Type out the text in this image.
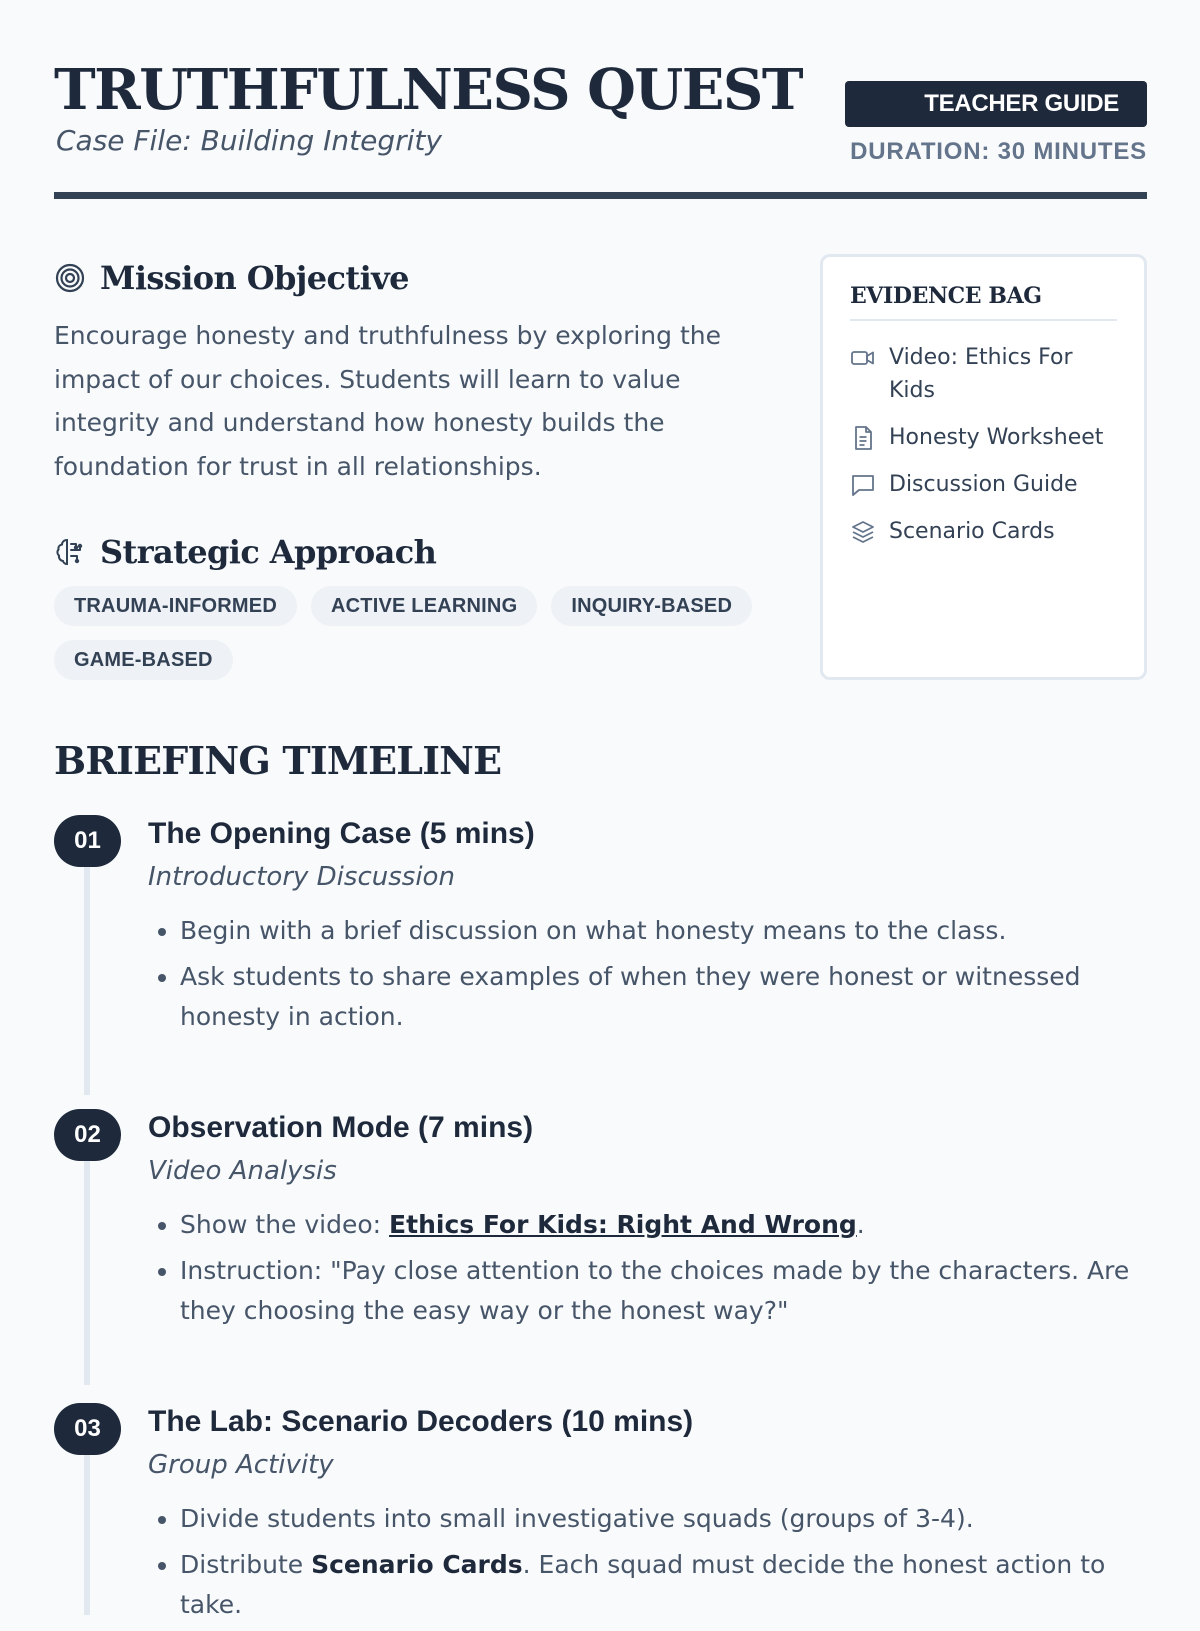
TRUTHFULNESS QUEST
Case File: Building Integrity
TEACHER GUIDE
DURATION: 30 MINUTES
Mission Objective

Encourage honesty and truthfulness by exploring the impact of our choices. Students will learn to value integrity and understand how honesty builds the foundation for trust in all relationships.

Strategic Approach
TRAUMA-INFORMED	ACTIVE LEARNING	INQUIRY-BASED
GAME-BASED
EVIDENCE BAG
Video: Ethics For Kids
Honesty Worksheet
Discussion Guide
Scenario Cards
BRIEFING TIMELINE
01	The Opening Case (5 mins)
Introductory Discussion
• Begin with a brief discussion on what honesty means to the class.
• Ask students to share examples of when they were honest or witnessed honesty in action.
02	Observation Mode (7 mins)
Video Analysis
• Show the video: Ethics For Kids: Right And Wrong.
• Instruction: "Pay close attention to the choices made by the characters. Are they choosing the easy way or the honest way?"
03	The Lab: Scenario Decoders (10 mins)
Group Activity
• Divide students into small investigative squads (groups of 3-4).
• Distribute Scenario Cards. Each squad must decide the honest action to take.
